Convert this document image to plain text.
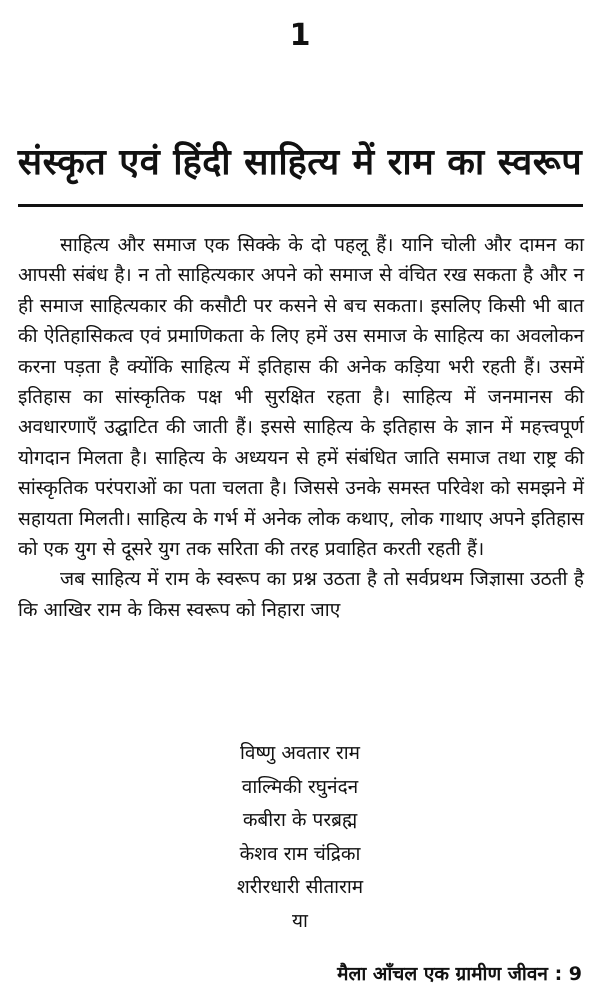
1
संस्कृत एवं हिंदी साहित्य में राम का स्वरूप

साहित्य और समाज एक सिक्के के दो पहलू हैं। यानि चोली और दामन का आपसी संबंध है। न तो साहित्यकार अपने को समाज से वंचित रख सकता है और न ही समाज साहित्यकार की कसौटी पर कसने से बच सकता। इसलिए किसी भी बात की ऐतिहासिकत्व एवं प्रमाणिकता के लिए हमें उस समाज के साहित्य का अवलोकन करना पड़ता है क्योंकि साहित्य में इतिहास की अनेक कड़िया भरी रहती हैं। उसमें इतिहास का सांस्कृतिक पक्ष भी सुरक्षित रहता है। साहित्य में जनमानस की अवधारणाएँ उद्घाटित की जाती हैं। इससे साहित्य के इतिहास के ज्ञान में महत्त्वपूर्ण योगदान मिलता है। साहित्य के अध्ययन से हमें संबंधित जाति समाज तथा राष्ट्र की सांस्कृतिक परंपराओं का पता चलता है। जिससे उनके समस्त परिवेश को समझने में सहायता मिलती। साहित्य के गर्भ में अनेक लोक कथाए, लोक गाथाए अपने इतिहास को एक युग से दूसरे युग तक सरिता की तरह प्रवाहित करती रहती हैं।

जब साहित्य में राम के स्वरूप का प्रश्न उठता है तो सर्वप्रथम जिज्ञासा उठती है कि आखिर राम के किस स्वरूप को निहारा जाए

विष्णु अवतार राम
वाल्मिकी रघुनंदन
कबीरा के परब्रह्म
केशव राम चंद्रिका
शरीरधारी सीताराम
या
मैला आँचल एक ग्रामीण जीवन : 9
